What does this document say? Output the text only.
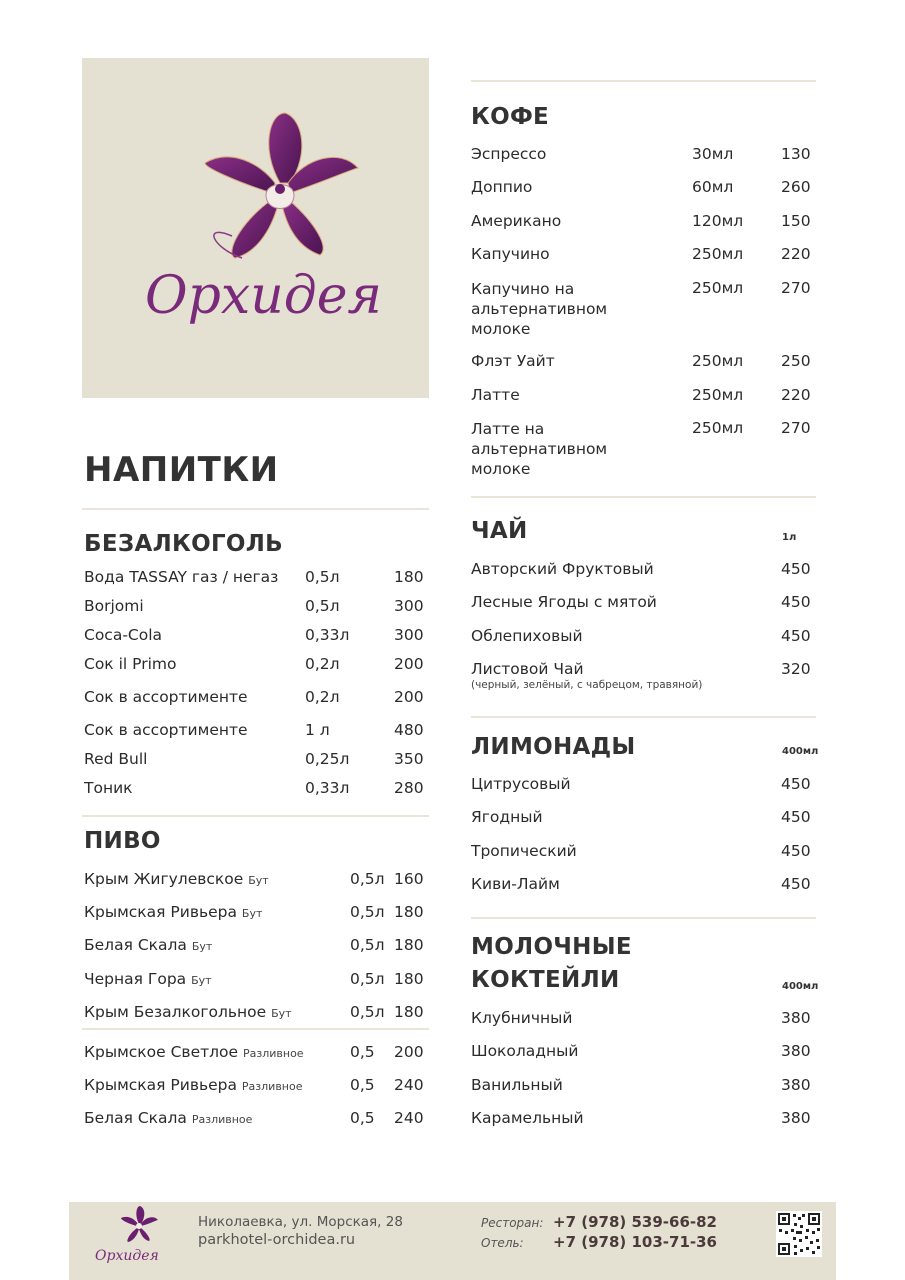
Орхидея
НАПИТКИ
БЕЗАЛКОГОЛЬ
Вода TASSAY газ / негаз 0,5л	180
Borjomi	0,5л	300
Coca-Cola	0,33л	300
Сок il Primo	0,2л	200
Сок в ассортименте	0,2л	200
Сок в ассортименте	1 л	480
Red Bull	0,25л	350
Тоник	0,33л	280
ПИВО
Крым Жигулевское Бут	0,5л 160
Крымская Ривьера Бут	0,5л 180
Белая Скала Бут	0,5л 180
Черная Гора Бут	0,5л 180
Крым Безалкогольное Бут	0,5л 180
Крымское Светлое Разливное	0,5 200
Крымская Ривьера Разливное	0,5 240
Белая Скала Разливное	0,5 240
КОФЕ
Эспрессо	30мл	130
Доппио	60мл	260
Американо	120мл 150
Капучино	250мл 220
Капучино на альтернативном молоке
250мл 270
Флэт Уайт	250мл 250
Латте	250мл 220
Латте на альтернативном молоке
250мл 270
ЧАЙ	1л
Авторский Фруктовый	450
Лесные Ягоды с мятой	450
Облепиховый	450
Листовой Чай	320
(черный, зелёный, с чабрецом, травяной)
ЛИМОНАДЫ	400мл
Цитрусовый	450
Ягодный	450
Тропический	450
Киви-Лайм	450
МОЛОЧНЫЕ
КОКТЕЙЛИ	400мл
Клубничный	380
Шоколадный	380
Ванильный	380
Карамельный	380
Орхидея
Николаевка, ул. Морская, 28
parkhotel-orchidea.ru
Ресторан: +7 (978) 539-66-82
Отель: +7 (978) 103-71-36
